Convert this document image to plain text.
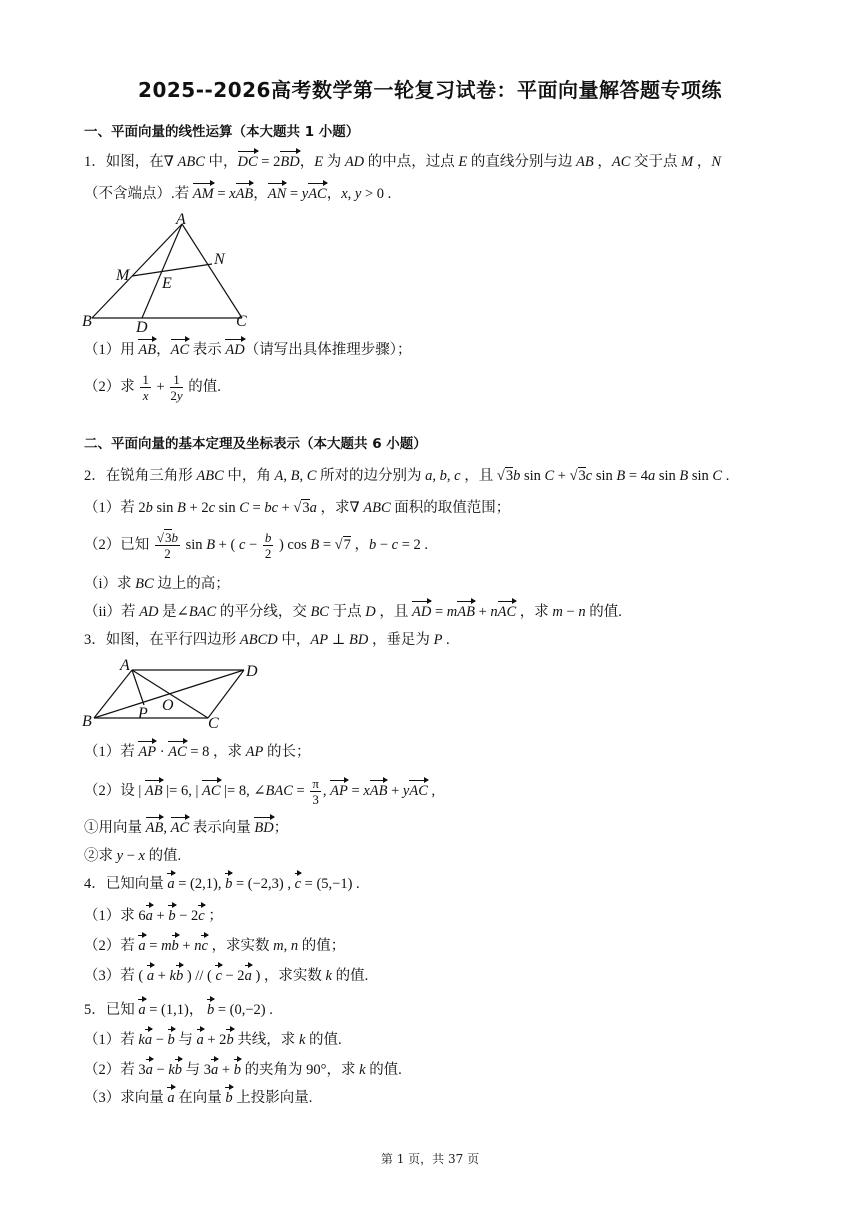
2025--2026高考数学第一轮复习试卷：平面向量解答题专项练
一、平面向量的线性运算（本大题共 1 小题）
1．如图，在∇ ABC 中，DC = 2BD，E 为 AD 的中点，过点 E 的直线分别与边 AB ，AC 交于点 M ，N
（不含端点）.若 AM = xAB，AN = yAC，x, y > 0 .
A
M
N
E
B	D	C
（1）用 AB，AC 表示 AD（请写出具体推理步骤）；
（2）求 $\frac{1}{x} + \frac{1}{2y}$ 的值.
二、平面向量的基本定理及坐标表示（本大题共 6 小题）
2．在锐角三角形 ABC 中，角 A, B, C 所对的边分别为 a, b, c ，且 √3b sin C + √3c sin B = 4a sin B sin C .
（1）若 2b sin B + 2c sin C = bc + √3a ，求∇ ABC 面积的取值范围；
（2）已知 $\frac{√3b}{2}$ sin B + ( $c - \frac{b}{2}$ ) cos B = √7 ，b − c = 2 .
（i）求 BC 边上的高；
（ii）若 AD 是∠BAC 的平分线，交 BC 于点 D ，且 AD = mAB + nAC ，求 m − n 的值.
3．如图，在平行四边形 ABCD 中，AP ⊥ BD ，垂足为 P .
A	D
B	C
P O
（1）若 AP · AC = 8 ，求 AP 的长；
（2）设 | AB |= 6, | AC |= 8, ∠BAC = $\frac{\pi}{3}$ , AP = xAB + yAC ,
①用向量 AB, AC 表示向量 BD；
②求 y − x 的值.
4．已知向量 a = (2,1), b = (−2,3) , c = (5,−1) .
（1）求 6a + b − 2c ；
（2）若 a = mb + nc ，求实数 m, n 的值；
（3）若 ( a + kb ) // ( c − 2a ) ，求实数 k 的值.
5．已知 a = (1,1)， b = (0,−2) .
（1）若 ka − b 与 a + 2b 共线，求 k 的值.
（2）若 3a − kb 与 3a + b 的夹角为 90°，求 k 的值.
（3）求向量 a 在向量 b 上投影向量.
第 1 页，共 37 页
